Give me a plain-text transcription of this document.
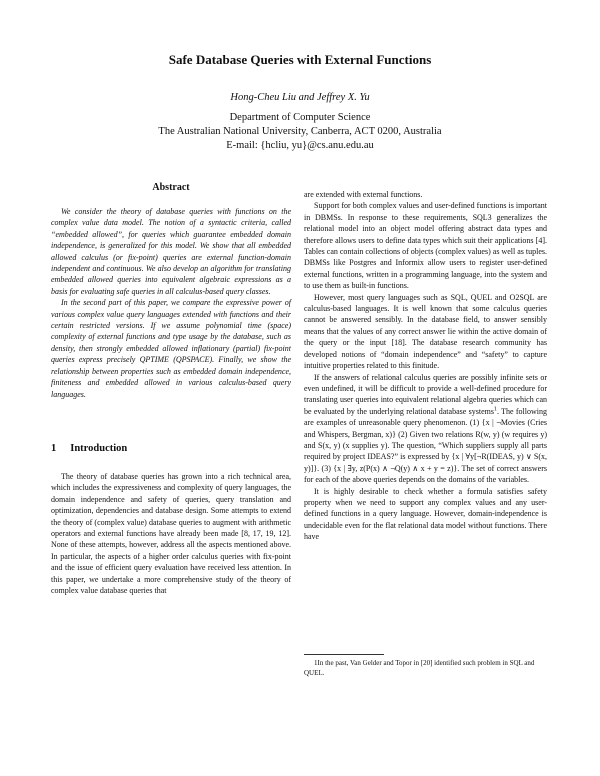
Safe Database Queries with External Functions
Hong-Cheu Liu and Jeffrey X. Yu
Department of Computer Science
The Australian National University, Canberra, ACT 0200, Australia
E-mail: {hcliu, yu}@cs.anu.edu.au
Abstract

We consider the theory of database queries with functions on the complex value data model. The notion of a syntactic criteria, called “embedded allowed”, for queries which guarantee embedded domain independence, is generalized for this model. We show that all embedded allowed calculus (or fix-point) queries are external function-domain independent and continuous. We also develop an algorithm for translating embedded allowed queries into equivalent algebraic expressions as a basis for evaluating safe queries in all calculus-based query classes.

In the second part of this paper, we compare the expressive power of various complex value query languages extended with functions and their certain restricted versions. If we assume polynomial time (space) complexity of external functions and type usage by the database, such as density, then strongly embedded allowed inflationary (partial) fix-point queries express precisely QPTIME (QPSPACE). Finally, we show the relationship between properties such as embedded domain independence, finiteness and embedded allowed in various calculus-based query languages.

1 Introduction

The theory of database queries has grown into a rich technical area, which includes the expressiveness and complexity of query languages, the domain independence and safety of queries, query translation and optimization, dependencies and database design. Some attempts to extend the theory of (complex value) database queries to augment with arithmetic operators and external functions have already been made [8, 17, 19, 12]. None of these attempts, however, address all the aspects mentioned above. In particular, the aspects of a higher order calculus queries with fix-point and the issue of efficient query evaluation have received less attention. In this paper, we undertake a more comprehensive study of the theory of complex value database queries that

are extended with external functions.

Support for both complex values and user-defined functions is important in DBMSs. In response to these requirements, SQL3 generalizes the relational model into an object model offering abstract data types and therefore allows users to define data types which suit their applications [4]. Tables can contain collections of objects (complex values) as well as tuples. DBMSs like Postgres and Informix allow users to register user-defined external functions, written in a programming language, into the system and to use them as built-in functions.

However, most query languages such as SQL, QUEL and O2SQL are calculus-based languages. It is well known that some calculus queries cannot be answered sensibly. In the database field, to answer sensibly means that the values of any correct answer lie within the active domain of the query or the input [18]. The database research community has developed notions of “domain independence” and “safety” to capture intuitive properties related to this finitude.

If the answers of relational calculus queries are possibly infinite sets or even undefined, it will be difficult to provide a well-defined procedure for translating user queries into equivalent relational algebra queries which can be evaluated by the underlying relational database systems$^1$. The following are examples of unreasonable query phenomenon. (1) {x | ¬Movies (Cries and Whispers, Bergman, x)} (2) Given two relations R(w, y) (w requires y) and S(x, y) (x supplies y). The question, “Which suppliers supply all parts required by project IDEAS?” is expressed by {x | ∀y[¬R(IDEAS, y) ∨ S(x, y)]}. (3) {x | ∃y, z(P(x) ∧ ¬Q(y) ∧ x + y = z)}. The set of correct answers for each of the above queries depends on the domains of the variables.

It is highly desirable to check whether a formula satisfies safety property when we need to support any complex values and any user-defined functions in a query language. However, domain-independence is undecidable even for the flat relational data model without functions. There have

1In the past, Van Gelder and Topor in [20] identified such problem in SQL and QUEL.
